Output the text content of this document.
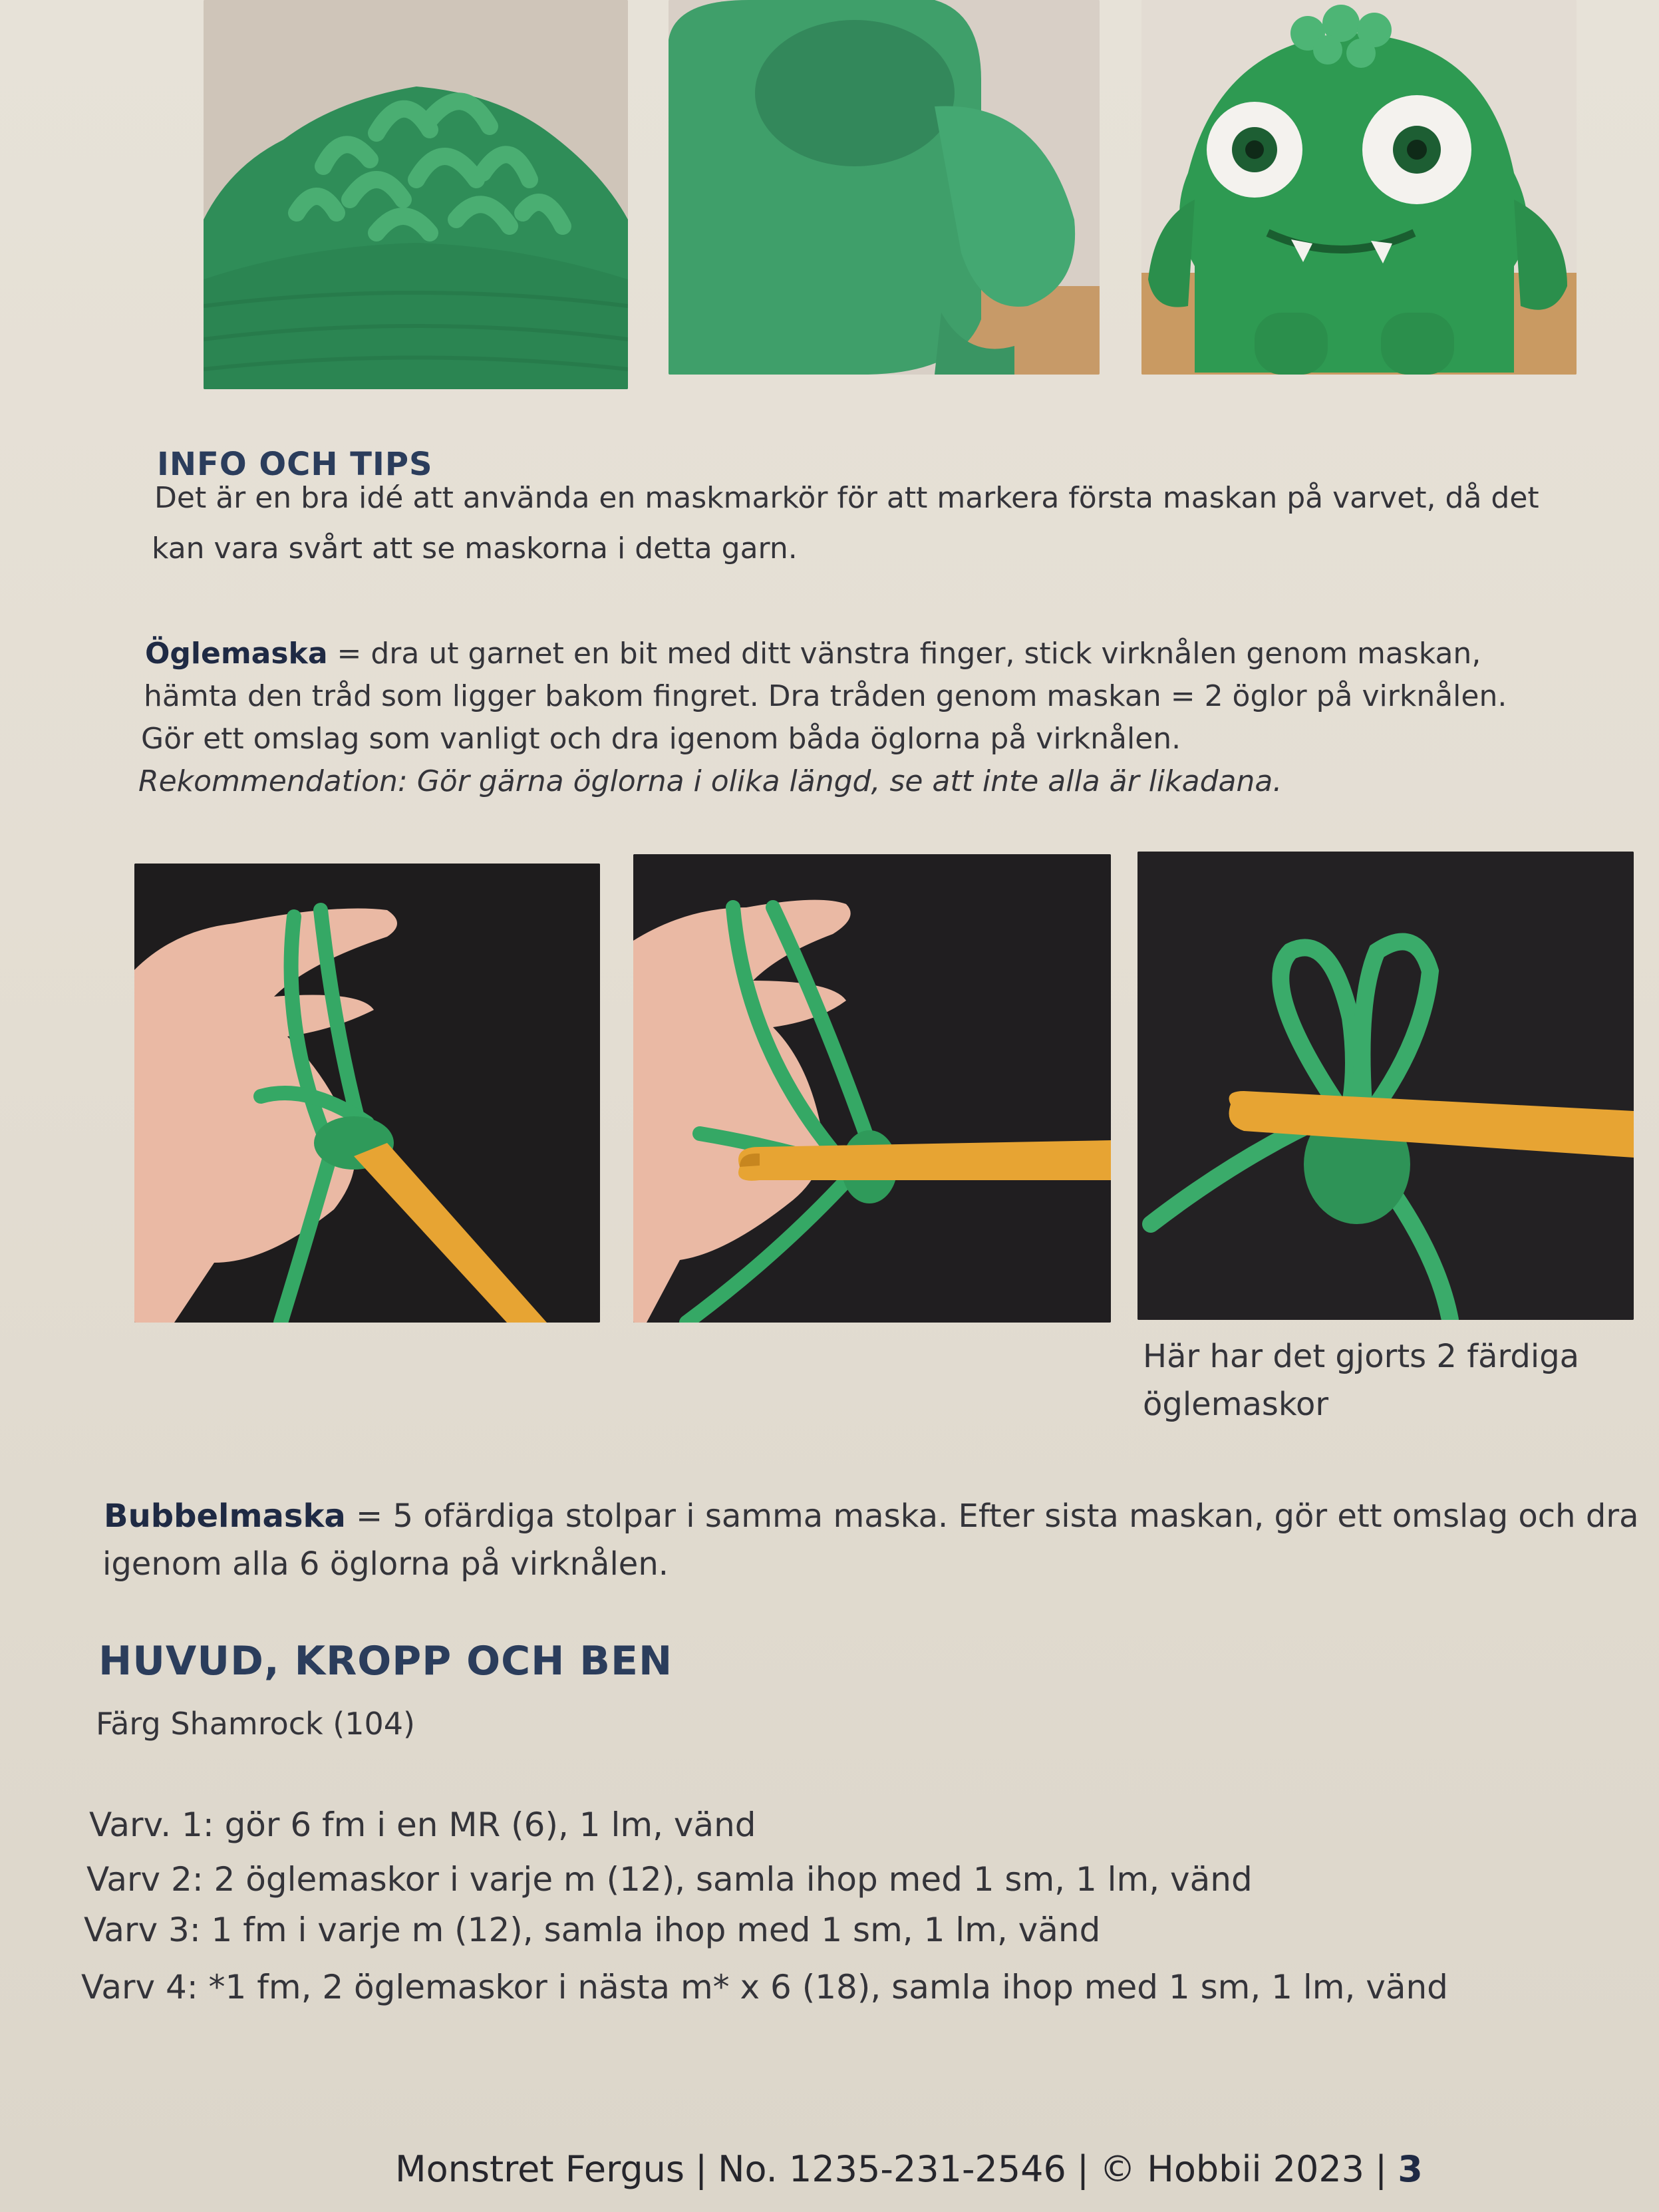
INFO OCH TIPS

Det är en bra idé att använda en maskmarkör för att markera första maskan på varvet, då det

kan vara svårt att se maskorna i detta garn.

Öglemaska = dra ut garnet en bit med ditt vänstra finger, stick virknålen genom maskan,

hämta den tråd som ligger bakom fingret. Dra tråden genom maskan = 2 öglor på virknålen.

Gör ett omslag som vanligt och dra igenom båda öglorna på virknålen.

Rekommendation: Gör gärna öglorna i olika längd, se att inte alla är likadana.

Här har det gjorts 2 färdiga

öglemaskor

Bubbelmaska = 5 ofärdiga stolpar i samma maska. Efter sista maskan, gör ett omslag och dra

igenom alla 6 öglorna på virknålen.

HUVUD, KROPP OCH BEN

Färg Shamrock (104)

Varv. 1: gör 6 fm i en MR (6), 1 lm, vänd

Varv 2: 2 öglemaskor i varje m (12), samla ihop med 1 sm, 1 lm, vänd

Varv 3: 1 fm i varje m (12), samla ihop med 1 sm, 1 lm, vänd

Varv 4: *1 fm, 2 öglemaskor i nästa m* x 6 (18), samla ihop med 1 sm, 1 lm, vänd

Monstret Fergus | No. 1235-231-2546 | © Hobbii 2023 | 3
